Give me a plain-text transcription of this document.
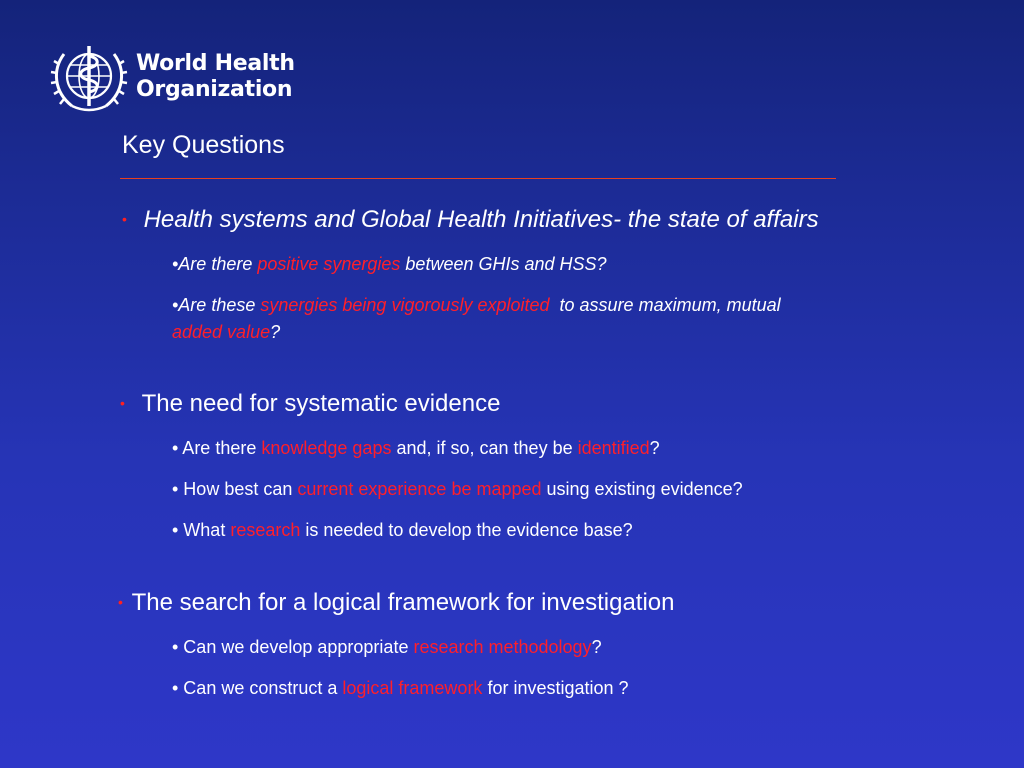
World Health
Organization
Key Questions
• Health systems and Global Health Initiatives- the state of affairs
•Are there positive synergies between GHIs and HSS?
•Are these synergies being vigorously exploited  to assure maximum, mutual
added value?
• The need for systematic evidence
• Are there knowledge gaps and, if so, can they be identified?
• How best can current experience be mapped using existing evidence?
• What research is needed to develop the evidence base?
• The search for a logical framework for investigation
• Can we develop appropriate research methodology?
• Can we construct a logical framework for investigation ?
